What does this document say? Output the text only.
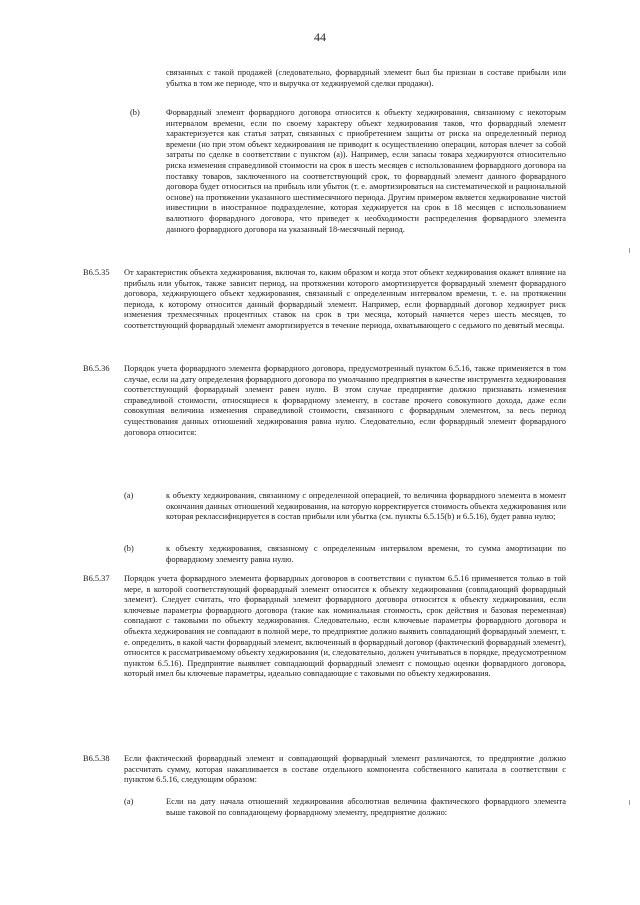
44
связанных с такой продажей (следовательно, форвардный элемент был бы признан в составе прибыли или убытка в том же периоде, что и выручка от хеджируемой сделки продажи).
(b)	Форвардный элемент форвардного договора относится к объекту хеджирования, связанному с некоторым интервалом времени, если по своему характеру объект хеджирования таков, что форвардный элемент характеризуется как статья затрат, связанных с приобретением защиты от риска на определенный период времени (но при этом объект хеджирования не приводит к осуществлению операции, которая влечет за собой затраты по сделке в соответствии с пунктом (a)). Например, если запасы товара хеджируются относительно риска изменения справедливой стоимости на срок в шесть месяцев с использованием форвардного договора на поставку товаров, заключенного на соответствующий срок, то форвардный элемент данного форвардного договора будет относиться на прибыль или убыток (т. е. амортизироваться на систематической и рациональной основе) на протяжении указанного шестимесячного периода. Другим примером является хеджирование чистой инвестиции в иностранное подразделение, которая хеджируется на срок в 18 месяцев с использованием валютного форвардного договора, что приведет к необходимости распределения форвардного элемента данного форвардного договора на указанный 18-месячный период.
B6.5.35 От характеристик объекта хеджирования, включая то, каким образом и когда этот объект хеджирования окажет влияние на прибыль или убыток, также зависит период, на протяжении которого амортизируется форвардный элемент форвардного договора, хеджирующего объект хеджирования, связанный с определенным интервалом времени, т. е. на протяжении периода, к которому относится данный форвардный элемент. Например, если форвардный договор хеджирует риск изменения трехмесячных процентных ставок на срок в три месяца, который начнется через шесть месяцев, то соответствующий форвардный элемент амортизируется в течение периода, охватывающего с седьмого по девятый месяцы.
B6.5.36 Порядок учета форвардного элемента форвардного договора, предусмотренный пунктом 6.5.16, также применяется в том случае, если на дату определения форвардного договора по умолчанию предприятия в качестве инструмента хеджирования соответствующий форвардный элемент равен нулю. В этом случае предприятие должно признавать изменения справедливой стоимости, относящиеся к форвардному элементу, в составе прочего совокупного дохода, даже если совокупная величина изменения справедливой стоимости, связанного с форвардным элементом, за весь период существования данных отношений хеджирования равна нулю. Следовательно, если форвардный элемент форвардного договора относится:
(a)	к объекту хеджирования, связанному с определенной операцией, то величина форвардного элемента в момент окончания данных отношений хеджирования, на которую корректируется стоимость объекта хеджирования или которая реклассифицируется в состав прибыли или убытка (см. пункты 6.5.15(b) и 6.5.16), будет равна нулю;
(b)	к объекту хеджирования, связанному с определенным интервалом времени, то сумма амортизации по форвардному элементу равна нулю.
B6.5.37 Порядок учета форвардного элемента форвардных договоров в соответствии с пунктом 6.5.16 применяется только в той мере, в которой соответствующий форвардный элемент относится к объекту хеджирования (совпадающий форвардный элемент). Следует считать, что форвардный элемент форвардного договора относится к объекту хеджирования, если ключевые параметры форвардного договора (такие как номинальная стоимость, срок действия и базовая переменная) совпадают с таковыми по объекту хеджирования. Следовательно, если ключевые параметры форвардного договора и объекта хеджирования не совпадают в полной мере, то предприятие должно выявить совпадающий форвардный элемент, т. е. определить, в какой части форвардный элемент, включенный в форвардный договор (фактический форвардный элемент), относится к рассматриваемому объекту хеджирования (и, следовательно, должен учитываться в порядке, предусмотренном пунктом 6.5.16). Предприятие выявляет совпадающий форвардный элемент с помощью оценки форвардного договора, который имел бы ключевые параметры, идеально совпадающие с таковыми по объекту хеджирования.
B6.5.38 Если фактический форвардный элемент и совпадающий форвардный элемент различаются, то предприятие должно рассчитать сумму, которая накапливается в составе отдельного компонента собственного капитала в соответствии с пунктом 6.5.16, следующим образом:
(a)	Если на дату начала отношений хеджирования абсолютная величина фактического форвардного элемента выше таковой по совпадающему форвардному элементу, предприятие должно:
